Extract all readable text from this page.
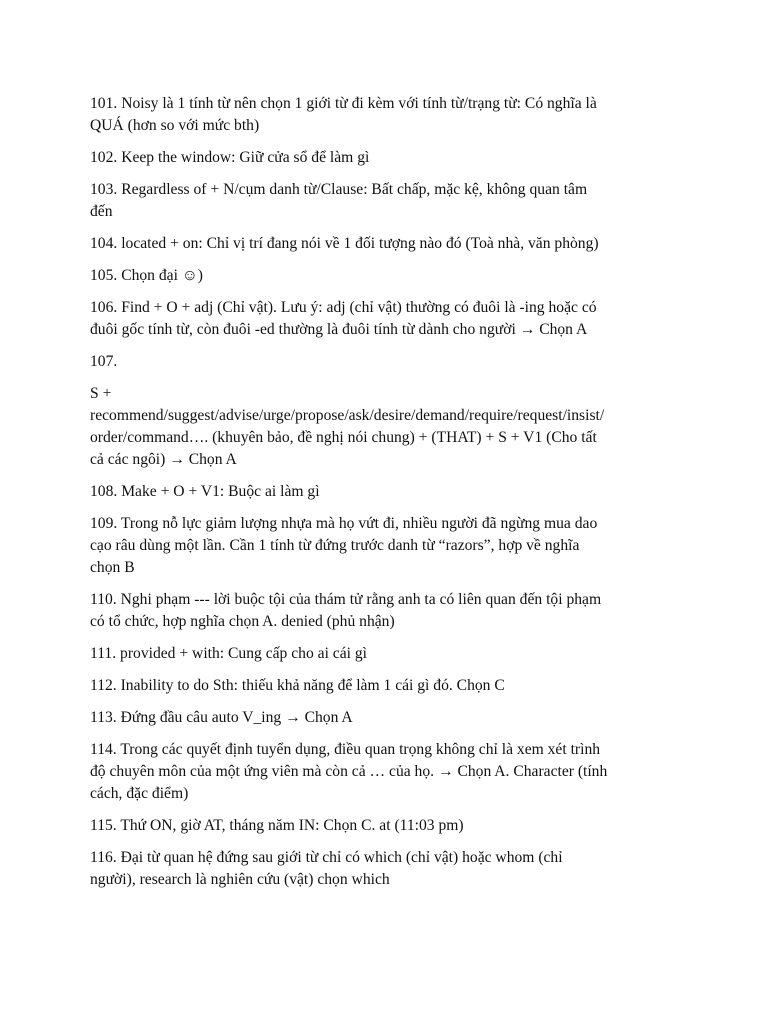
101. Noisy là 1 tính từ nên chọn 1 giới từ đi kèm với tính từ/trạng từ: Có nghĩa là
QUÁ (hơn so với mức bth)
102. Keep the window: Giữ cửa sổ để làm gì
103. Regardless of + N/cụm danh từ/Clause: Bất chấp, mặc kệ, không quan tâm
đến
104. located + on: Chỉ vị trí đang nói về 1 đối tượng nào đó (Toà nhà, văn phòng)
105. Chọn đại ☺)
106. Find + O + adj (Chỉ vật). Lưu ý: adj (chỉ vật) thường có đuôi là -ing hoặc có
đuôi gốc tính từ, còn đuôi -ed thường là đuôi tính từ dành cho người → Chọn A
107.
S +
recommend/suggest/advise/urge/propose/ask/desire/demand/require/request/insist/
order/command…. (khuyên bảo, đề nghị nói chung) + (THAT) + S + V1 (Cho tất
cả các ngôi) → Chọn A
108. Make + O + V1: Buộc ai làm gì
109. Trong nỗ lực giảm lượng nhựa mà họ vứt đi, nhiều người đã ngừng mua dao
cạo râu dùng một lần. Cần 1 tính từ đứng trước danh từ “razors”, hợp về nghĩa
chọn B
110. Nghi phạm --- lời buộc tội của thám tử rằng anh ta có liên quan đến tội phạm
có tổ chức, hợp nghĩa chọn A. denied (phủ nhận)
111. provided + with: Cung cấp cho ai cái gì
112. Inability to do Sth: thiếu khả năng để làm 1 cái gì đó. Chọn C
113. Đứng đầu câu auto V_ing → Chọn A
114. Trong các quyết định tuyển dụng, điều quan trọng không chỉ là xem xét trình
độ chuyên môn của một ứng viên mà còn cả … của họ. → Chọn A. Character (tính
cách, đặc điểm)
115. Thứ ON, giờ AT, tháng năm IN: Chọn C. at (11:03 pm)
116. Đại từ quan hệ đứng sau giới từ chỉ có which (chỉ vật) hoặc whom (chỉ
người), research là nghiên cứu (vật) chọn which
